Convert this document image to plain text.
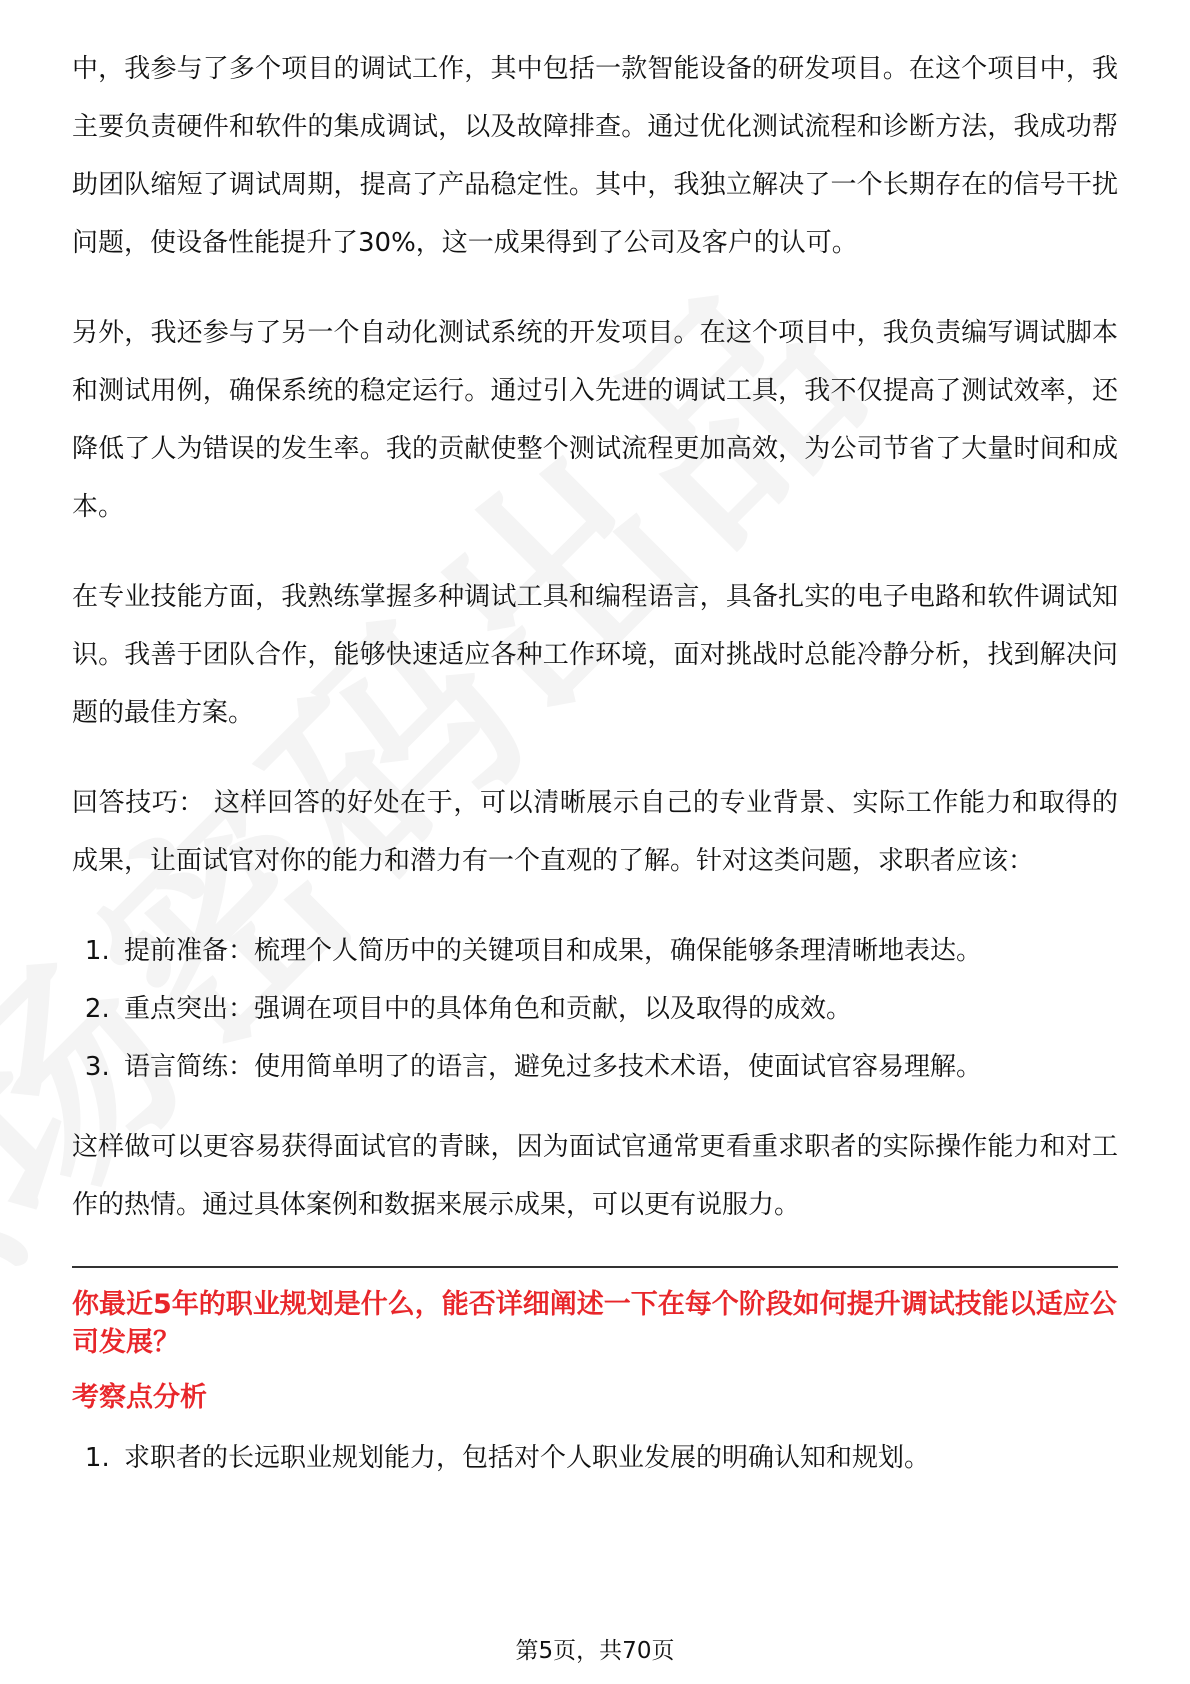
中，我参与了多个项目的调试工作，其中包括一款智能设备的研发项目。在这个项目中，我主要负责硬件和软件的集成调试，以及故障排查。通过优化测试流程和诊断方法，我成功帮助团队缩短了调试周期，提高了产品稳定性。其中，我独立解决了一个长期存在的信号干扰问题，使设备性能提升了30%，这一成果得到了公司及客户的认可。

另外，我还参与了另一个自动化测试系统的开发项目。在这个项目中，我负责编写调试脚本和测试用例，确保系统的稳定运行。通过引入先进的调试工具，我不仅提高了测试效率，还降低了人为错误的发生率。我的贡献使整个测试流程更加高效，为公司节省了大量时间和成本。

在专业技能方面，我熟练掌握多种调试工具和编程语言，具备扎实的电子电路和软件调试知识。我善于团队合作，能够快速适应各种工作环境，面对挑战时总能冷静分析，找到解决问题的最佳方案。

回答技巧： 这样回答的好处在于，可以清晰展示自己的专业背景、实际工作能力和取得的成果，让面试官对你的能力和潜力有一个直观的了解。针对这类问题，求职者应该：

1. 提前准备：梳理个人简历中的关键项目和成果，确保能够条理清晰地表达。
2. 重点突出：强调在项目中的具体角色和贡献，以及取得的成效。
3. 语言简练：使用简单明了的语言，避免过多技术术语，使面试官容易理解。

这样做可以更容易获得面试官的青睐，因为面试官通常更看重求职者的实际操作能力和对工作的热情。通过具体案例和数据来展示成果，可以更有说服力。

你最近5年的职业规划是什么，能否详细阐述一下在每个阶段如何提升调试技能以适应公司发展？
考察点分析
1. 求职者的长远职业规划能力，包括对个人职业发展的明确认知和规划。
第5页，共70页
